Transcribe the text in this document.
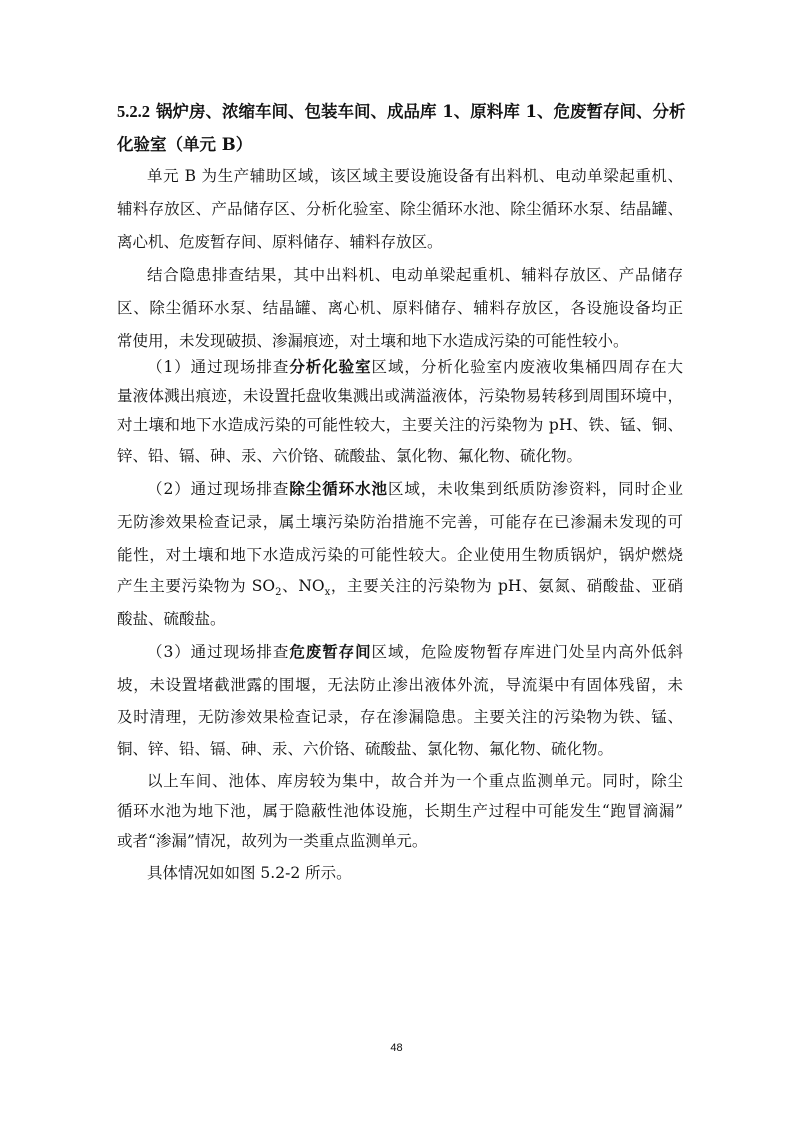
5.2.2 锅炉房、浓缩车间、包装车间、成品库 1、原料库 1、危废暂存间、分析
化验室（单元 B）
单元 B 为生产辅助区域，该区域主要设施设备有出料机、电动单梁起重机、
辅料存放区、产品储存区、分析化验室、除尘循环水池、除尘循环水泵、结晶罐、
离心机、危废暂存间、原料储存、辅料存放区。
结合隐患排查结果，其中出料机、电动单梁起重机、辅料存放区、产品储存
区、除尘循环水泵、结晶罐、离心机、原料储存、辅料存放区，各设施设备均正
常使用，未发现破损、渗漏痕迹，对土壤和地下水造成污染的可能性较小。
（1）通过现场排查分析化验室区域，分析化验室内废液收集桶四周存在大
量液体溅出痕迹，未设置托盘收集溅出或满溢液体，污染物易转移到周围环境中，
对土壤和地下水造成污染的可能性较大，主要关注的污染物为 pH、铁、锰、铜、
锌、铅、镉、砷、汞、六价铬、硫酸盐、氯化物、氟化物、硫化物。
（2）通过现场排查除尘循环水池区域，未收集到纸质防渗资料，同时企业
无防渗效果检查记录，属土壤污染防治措施不完善，可能存在已渗漏未发现的可
能性，对土壤和地下水造成污染的可能性较大。企业使用生物质锅炉，锅炉燃烧
产生主要污染物为 $SO_2$、$NO_x$，主要关注的污染物为 pH、氨氮、硝酸盐、亚硝
酸盐、硫酸盐。
（3）通过现场排查危废暂存间区域，危险废物暂存库进门处呈内高外低斜
坡，未设置堵截泄露的围堰，无法防止渗出液体外流，导流渠中有固体残留，未
及时清理，无防渗效果检查记录，存在渗漏隐患。主要关注的污染物为铁、锰、
铜、锌、铅、镉、砷、汞、六价铬、硫酸盐、氯化物、氟化物、硫化物。
以上车间、池体、库房较为集中，故合并为一个重点监测单元。同时，除尘
循环水池为地下池，属于隐蔽性池体设施，长期生产过程中可能发生“跑冒滴漏”
或者“渗漏”情况，故列为一类重点监测单元。
具体情况如如图 5.2-2 所示。
48
